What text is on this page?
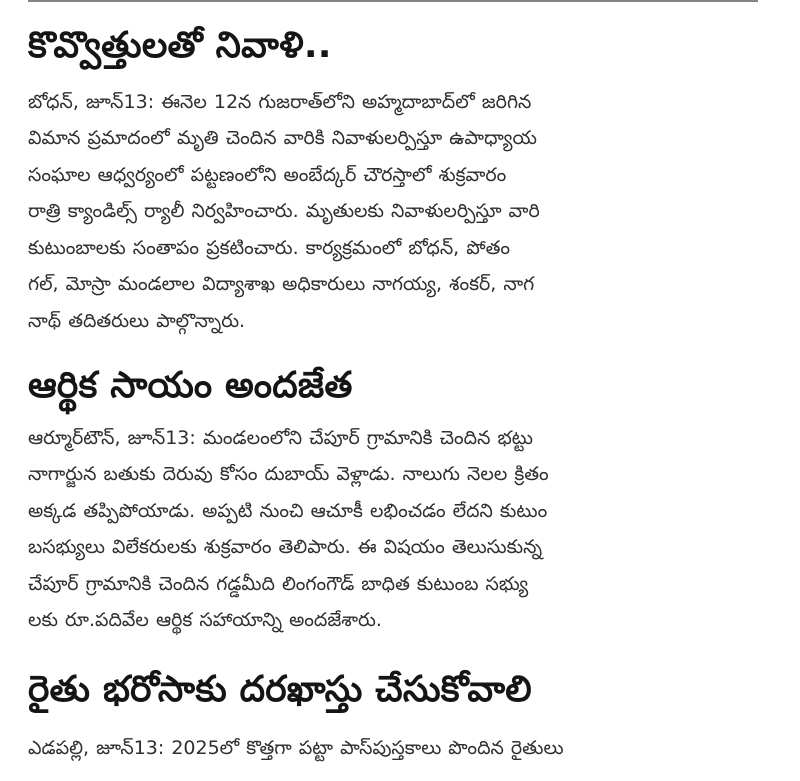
కొవ్వొత్తులతో నివాళి..
బోధన్‌, జూన్‌13: ఈనెల 12న గుజరాత్‌లోని అహ్మదాబాద్‌లో జరిగిన
విమాన ప్రమాదంలో మృతి చెందిన వారికి నివాళులర్పిస్తూ ఉపాధ్యాయ
సంఘాల ఆధ్వర్యంలో పట్టణంలోని అంబేద్కర్‌ చౌరస్తాలో శుక్రవారం
రాత్రి క్యాండిల్స్‌ ర్యాలీ నిర్వహించారు. మృతులకు నివాళులర్పిస్తూ వారి
కుటుంబాలకు సంతాపం ప్రకటించారు. కార్యక్రమంలో బోధన్‌, పోతం
గల్‌, మోస్రా మండలాల విద్యాశాఖ అధికారులు నాగయ్య, శంకర్‌, నాగ
నాథ్‌ తదితరులు పాల్గొన్నారు.
ఆర్థిక సాయం అందజేత
ఆర్మూర్‌టౌన్‌, జూన్‌13: మండలంలోని చేపూర్‌ గ్రామానికి చెందిన భట్టు
నాగార్జున బతుకు దెరువు కోసం దుబాయ్‌ వెళ్లాడు. నాలుగు నెలల క్రితం
అక్కడ తప్పిపోయాడు. అప్పటి నుంచి ఆచూకీ లభించడం లేదని కుటుం
బసభ్యులు విలేకరులకు శుక్రవారం తెలిపారు. ఈ విషయం తెలుసుకున్న
చేపూర్‌ గ్రామానికి చెందిన గడ్డమీది లింగంగౌడ్‌ బాధిత కుటుంబ సభ్యు
లకు రూ.పదివేల ఆర్థిక సహాయాన్ని అందజేశారు.
రైతు భరోసాకు దరఖాస్తు చేసుకోవాలి
ఎడపల్లి, జూన్‌13: 2025లో కొత్తగా పట్టా పాస్‌పుస్తకాలు పొందిన రైతులు
